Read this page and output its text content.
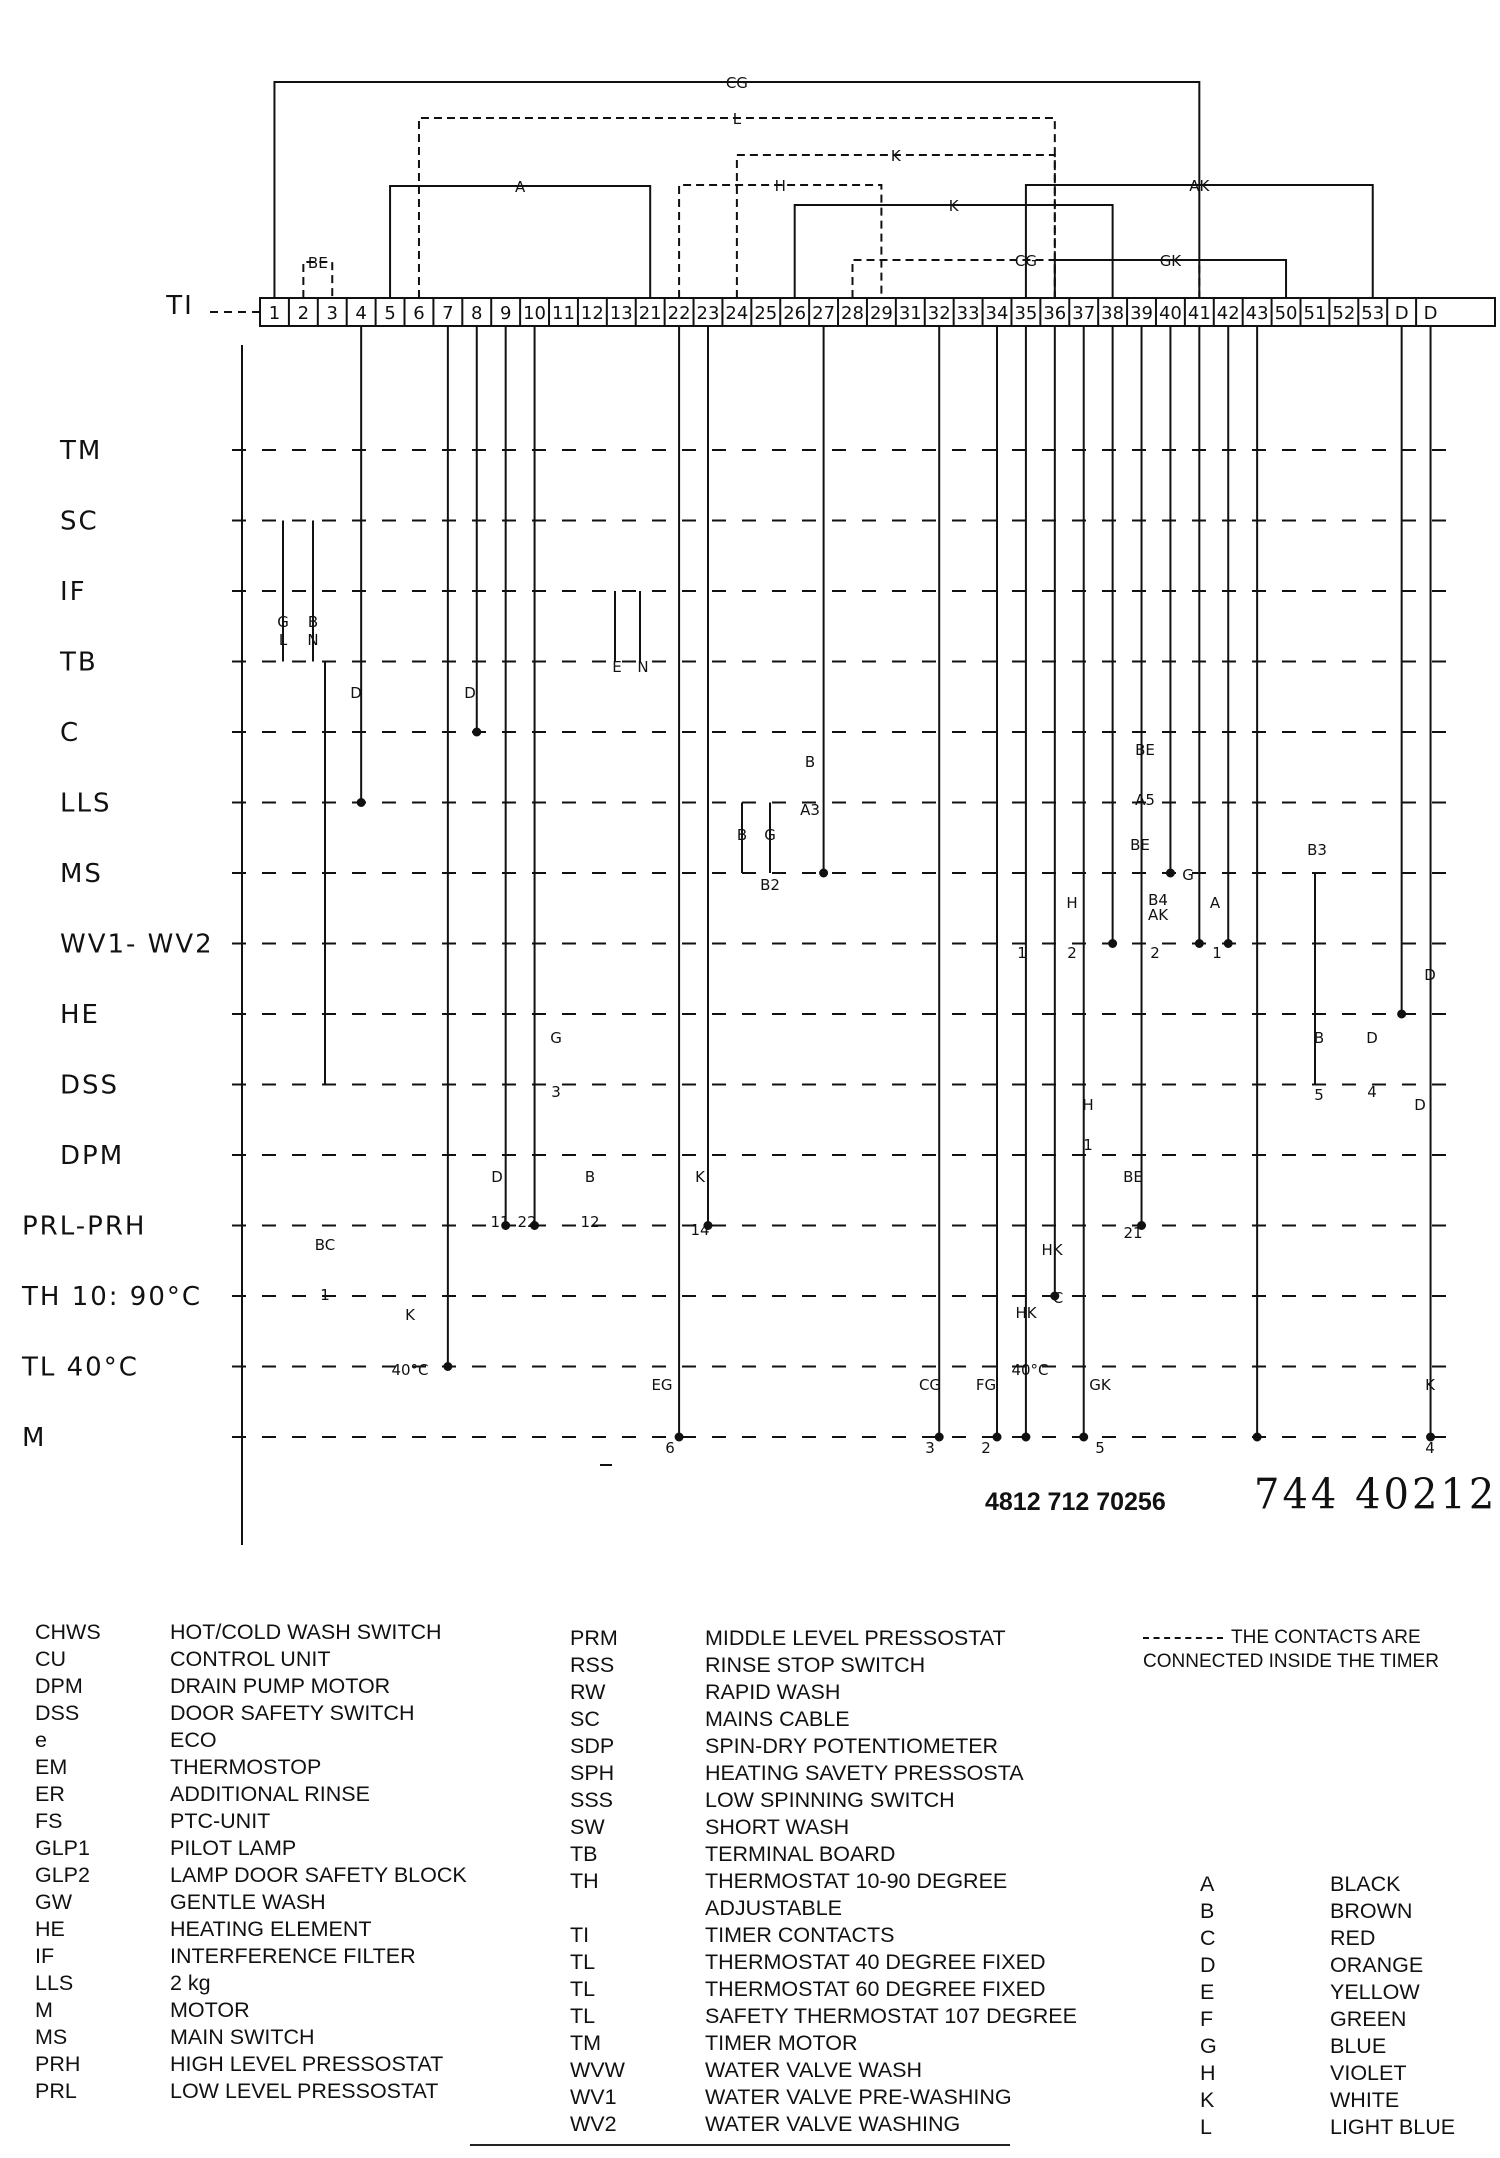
1 2 3 4 5 6 7 8 9 10 11 12 13 21 22 23 24 25 26 27 28 29 31 32 33 34 35 36 37 38 39 40 41 42 43 50 51 52 53 D D
TI
CG
L
A
K
K
H	AK
CG	GK
BE
TM
SC
IF
TB
C
LLS
MS
WV1- WV2
HE
DSS
DPM
PRL-PRH
TH 10: 90°C
TL 40°C
M
G B
L N
D	D
E N
B
A3
BE
A5
B G
BE
B2
G
B4
AK
A
B3
H
1	2	2	1
D
G
3
B
5
D
4
D
H
1
D	B
11 22	12
K
14
BE
21
BC
1
HK
C
HK
K
40°C	40°C
EG
6
CG
3
FG
2
GK
5
K
4
4812 712 70256 744 40212
CHWS	HOT/COLD WASH SWITCH
CU	CONTROL UNIT
DPM	DRAIN PUMP MOTOR
DSS	DOOR SAFETY SWITCH
e	ECO
EM	THERMOSTOP
ER	ADDITIONAL RINSE
FS	PTC-UNIT
GLP1	PILOT LAMP
GLP2	LAMP DOOR SAFETY BLOCK
GW	GENTLE WASH
HE	HEATING ELEMENT
IF	INTERFERENCE FILTER
LLS	2 kg
M	MOTOR
MS	MAIN SWITCH
PRH	HIGH LEVEL PRESSOSTAT
PRL	LOW LEVEL PRESSOSTAT
PRM	MIDDLE LEVEL PRESSOSTAT
RSS	RINSE STOP SWITCH
RW	RAPID WASH
SC	MAINS CABLE
SDP	SPIN-DRY POTENTIOMETER
SPH	HEATING SAVETY PRESSOSTA
SSS	LOW SPINNING SWITCH
SW	SHORT WASH
TB	TERMINAL BOARD
TH	THERMOSTAT 10-90 DEGREE
ADJUSTABLE
TI	TIMER CONTACTS
TL	THERMOSTAT 40 DEGREE FIXED
TL	THERMOSTAT 60 DEGREE FIXED
TL	SAFETY THERMOSTAT 107 DEGREE
TM	TIMER MOTOR
WVW	WATER VALVE WASH
WV1	WATER VALVE PRE-WASHING
WV2	WATER VALVE WASHING
THE CONTACTS ARE
CONNECTED INSIDE THE TIMER
A	BLACK
B	BROWN
C	RED
D	ORANGE
E	YELLOW
F	GREEN
G	BLUE
H	VIOLET
K	WHITE
L	LIGHT BLUE
